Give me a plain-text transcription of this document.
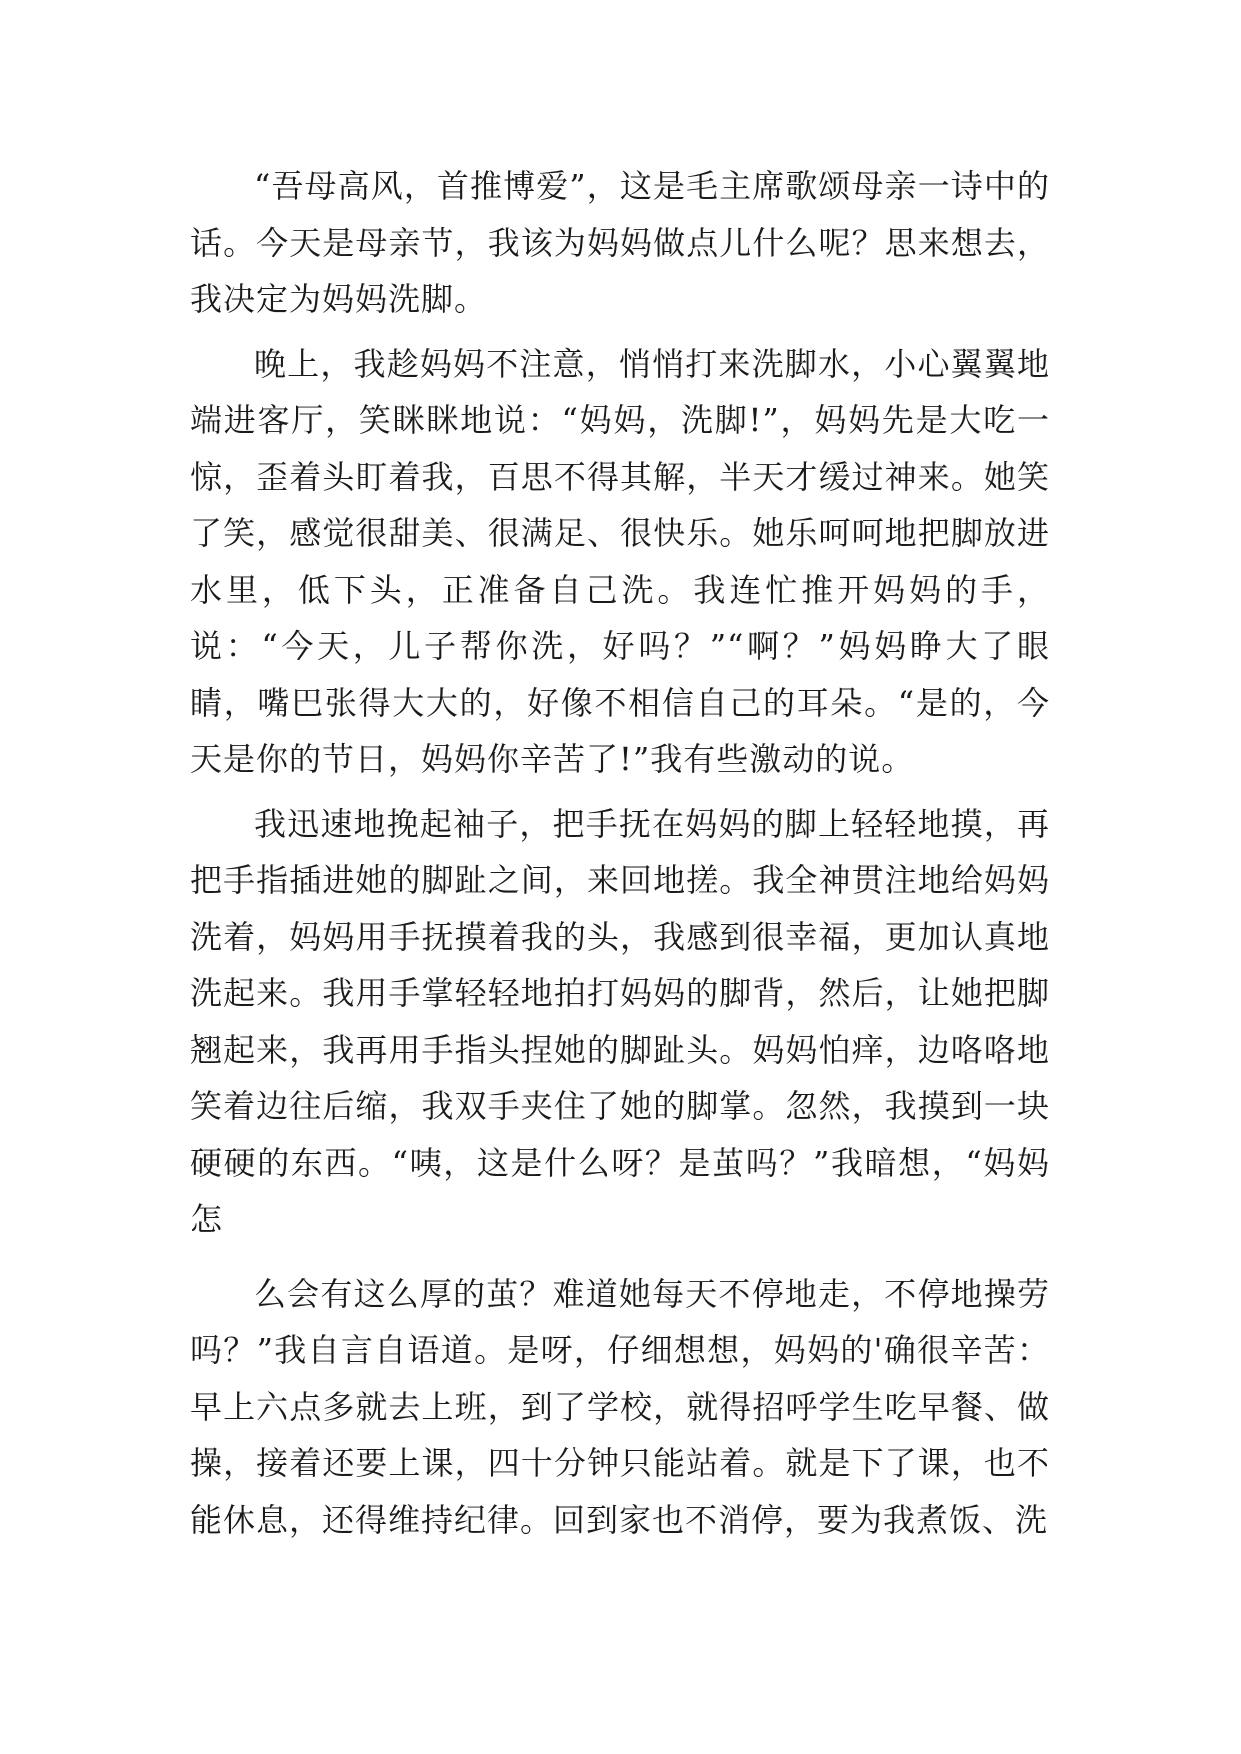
“吾母高风，首推博爱”，这是毛主席歌颂母亲一诗中的话。今天是母亲节，我该为妈妈做点儿什么呢？思来想去，我决定为妈妈洗脚。

晚上，我趁妈妈不注意，悄悄打来洗脚水，小心翼翼地端进客厅，笑眯眯地说：“妈妈，洗脚!”，妈妈先是大吃一惊，歪着头盯着我，百思不得其解，半天才缓过神来。她笑了笑，感觉很甜美、很满足、很快乐。她乐呵呵地把脚放进水里，低下头，正准备自己洗。我连忙推开妈妈的手，说：“今天，儿子帮你洗，好吗？”“啊？”妈妈睁大了眼睛，嘴巴张得大大的，好像不相信自己的耳朵。“是的，今天是你的节日，妈妈你辛苦了!”我有些激动的说。

我迅速地挽起袖子，把手抚在妈妈的脚上轻轻地摸，再把手指插进她的脚趾之间，来回地搓。我全神贯注地给妈妈洗着，妈妈用手抚摸着我的头，我感到很幸福，更加认真地洗起来。我用手掌轻轻地拍打妈妈的脚背，然后，让她把脚翘起来，我再用手指头捏她的脚趾头。妈妈怕痒，边咯咯地笑着边往后缩，我双手夹住了她的脚掌。忽然，我摸到一块硬硬的东西。“咦，这是什么呀？是茧吗？”我暗想，“妈妈怎

么会有这么厚的茧？难道她每天不停地走，不停地操劳吗？”我自言自语道。是呀，仔细想想，妈妈的'确很辛苦：早上六点多就去上班，到了学校，就得招呼学生吃早餐、做操，接着还要上课，四十分钟只能站着。就是下了课，也不能休息，还得维持纪律。回到家也不消停，要为我煮饭、洗
